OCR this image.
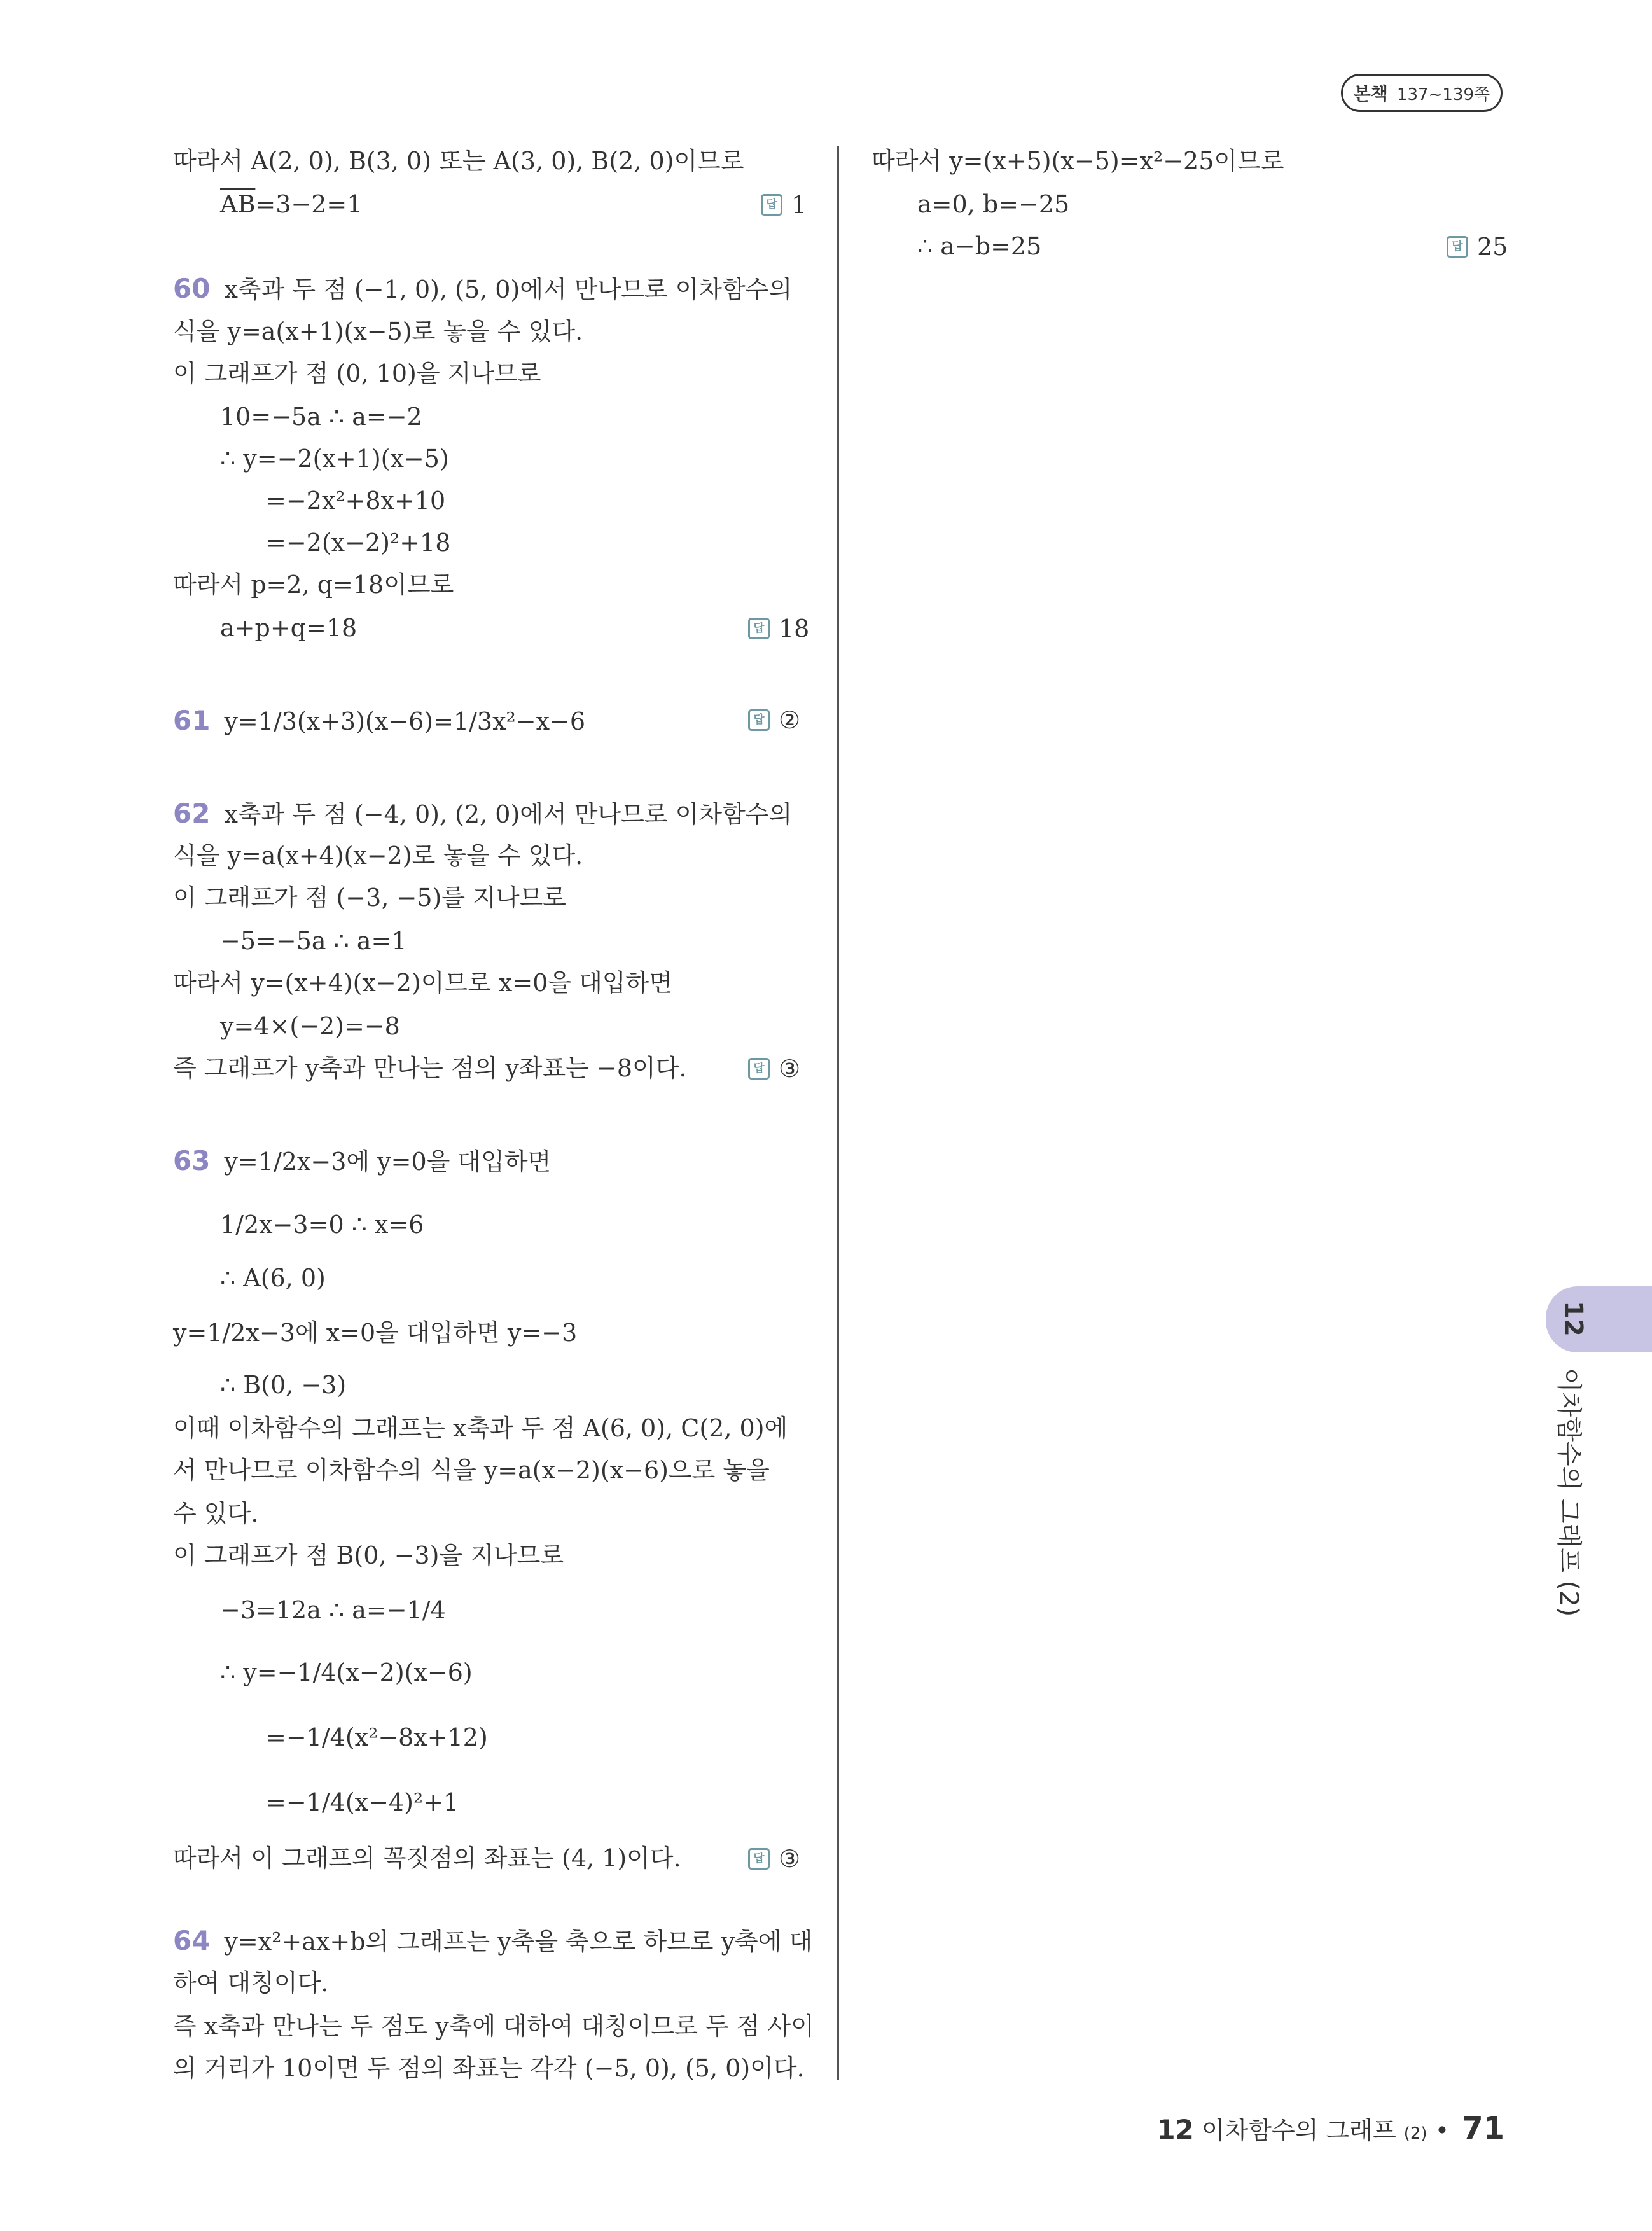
본책 137~139쪽
따라서 A(2, 0), B(3, 0) 또는 A(3, 0), B(2, 0)이므로
$\overline{AB}=3-2=1$	답 1
60 x축과 두 점 (−1, 0), (5, 0)에서 만나므로 이차함수의
식을 y=a(x+1)(x−5)로 놓을 수 있다.
이 그래프가 점 (0, 10)을 지나므로
10=−5a ∴ a=−2
∴ y=−2(x+1)(x−5)
=−2x²+8x+10
=−2(x−2)²+18
따라서 p=2, q=18이므로
a+p+q=18	답 18
61 y=1/3(x+3)(x−6)=1/3x²−x−6	답 ②
62 x축과 두 점 (−4, 0), (2, 0)에서 만나므로 이차함수의
식을 y=a(x+4)(x−2)로 놓을 수 있다.
이 그래프가 점 (−3, −5)를 지나므로
−5=−5a ∴ a=1
따라서 y=(x+4)(x−2)이므로 x=0을 대입하면
y=4×(−2)=−8
즉 그래프가 y축과 만나는 점의 y좌표는 −8이다.	답 ③
63 y=1/2x−3에 y=0을 대입하면
1/2x−3=0 ∴ x=6
∴ A(6, 0)
y=1/2x−3에 x=0을 대입하면 y=−3
∴ B(0, −3)
이때 이차함수의 그래프는 x축과 두 점 A(6, 0), C(2, 0)에
서 만나므로 이차함수의 식을 y=a(x−2)(x−6)으로 놓을
수 있다.
이 그래프가 점 B(0, −3)을 지나므로
−3=12a ∴ a=−1/4
∴ y=−1/4(x−2)(x−6)
=−1/4(x²−8x+12)
=−1/4(x−4)²+1
따라서 이 그래프의 꼭짓점의 좌표는 (4, 1)이다.	답 ③
64 y=x²+ax+b의 그래프는 y축을 축으로 하므로 y축에 대
하여 대칭이다.
즉 x축과 만나는 두 점도 y축에 대하여 대칭이므로 두 점 사이
의 거리가 10이면 두 점의 좌표는 각각 (−5, 0), (5, 0)이다.
따라서 y=(x+5)(x−5)=x²−25이므로
a=0, b=−25
∴ a−b=25	답 25
12
이차함수의 그래프 (2)
12 이차함수의 그래프 (2) • 71
